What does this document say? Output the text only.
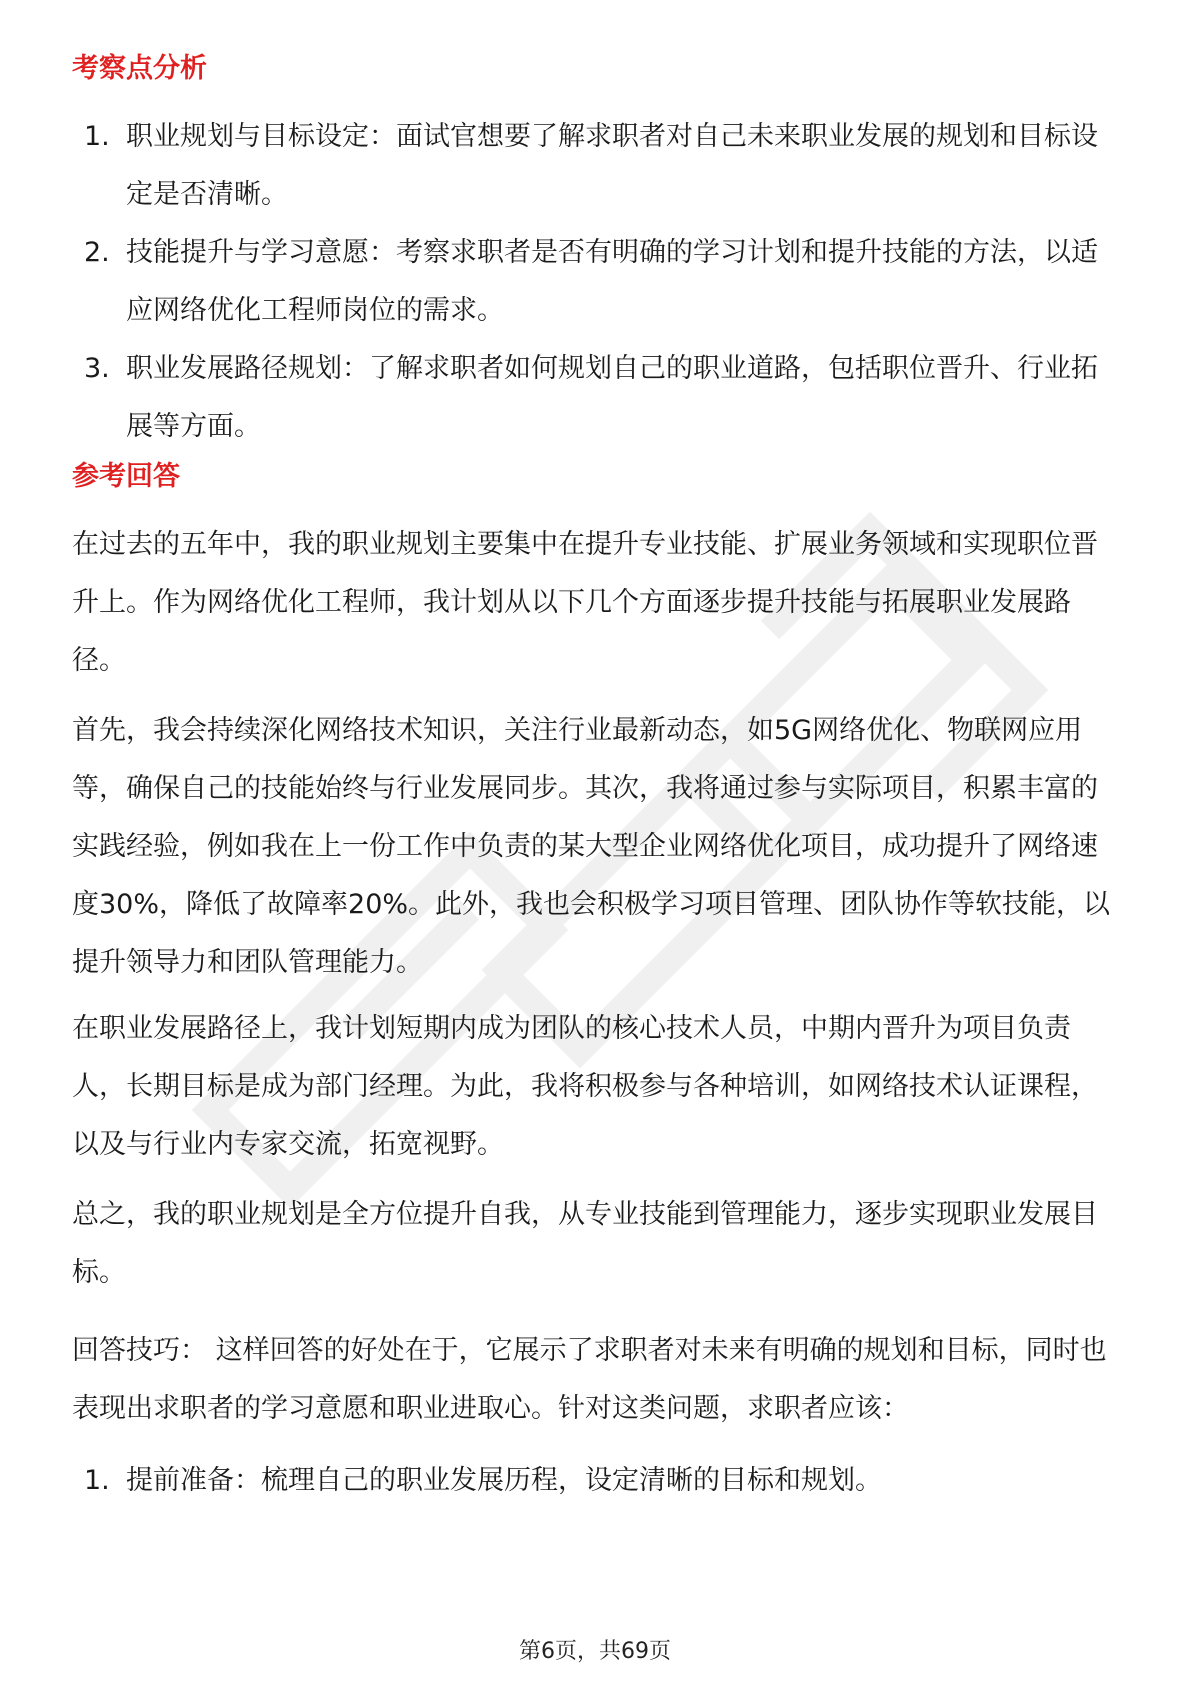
考察点分析
1. 职业规划与目标设定：面试官想要了解求职者对自己未来职业发展的规划和目标设定是否清晰。
2. 技能提升与学习意愿：考察求职者是否有明确的学习计划和提升技能的方法，以适应网络优化工程师岗位的需求。
3. 职业发展路径规划：了解求职者如何规划自己的职业道路，包括职位晋升、行业拓展等方面。
参考回答

在过去的五年中，我的职业规划主要集中在提升专业技能、扩展业务领域和实现职位晋升上。作为网络优化工程师，我计划从以下几个方面逐步提升技能与拓展职业发展路径。

首先，我会持续深化网络技术知识，关注行业最新动态，如5G网络优化、物联网应用等，确保自己的技能始终与行业发展同步。其次，我将通过参与实际项目，积累丰富的实践经验，例如我在上一份工作中负责的某大型企业网络优化项目，成功提升了网络速度30%，降低了故障率20%。此外，我也会积极学习项目管理、团队协作等软技能，以提升领导力和团队管理能力。

在职业发展路径上，我计划短期内成为团队的核心技术人员，中期内晋升为项目负责人，长期目标是成为部门经理。为此，我将积极参与各种培训，如网络技术认证课程，以及与行业内专家交流，拓宽视野。

总之，我的职业规划是全方位提升自我，从专业技能到管理能力，逐步实现职业发展目标。

回答技巧： 这样回答的好处在于，它展示了求职者对未来有明确的规划和目标，同时也表现出求职者的学习意愿和职业进取心。针对这类问题，求职者应该：

1. 提前准备：梳理自己的职业发展历程，设定清晰的目标和规划。
第6页，共69页
